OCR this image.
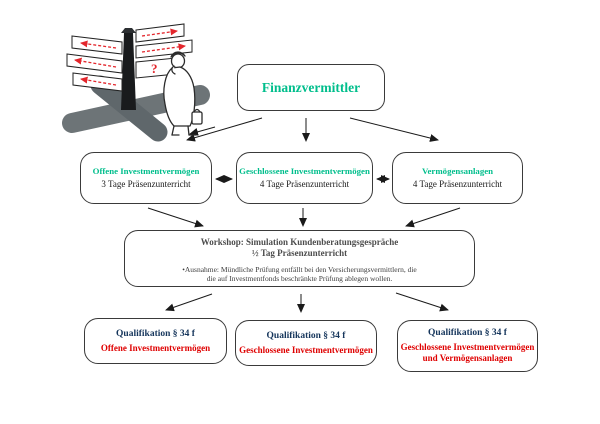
?
Finanzvermittler
Offene Investmentvermögen
3 Tage Präsenzunterricht
Geschlossene Investmentvermögen
4 Tage Präsenzunterricht
Vermögensanlagen
4 Tage Präsenzunterricht
Workshop: Simulation Kundenberatungsgespräche
½ Tag Präsenzunterricht
•Ausnahme: Mündliche Prüfung entfällt bei den Versicherungsvermittlern, die
die auf Investmentfonds beschränkte Prüfung ablegen wollen.
Qualifikation § 34 f
Offene Investmentvermögen
Qualifikation § 34 f
Geschlossene Investmentvermögen
Qualifikation § 34 f
Geschlossene Investmentvermögen
und Vermögensanlagen
